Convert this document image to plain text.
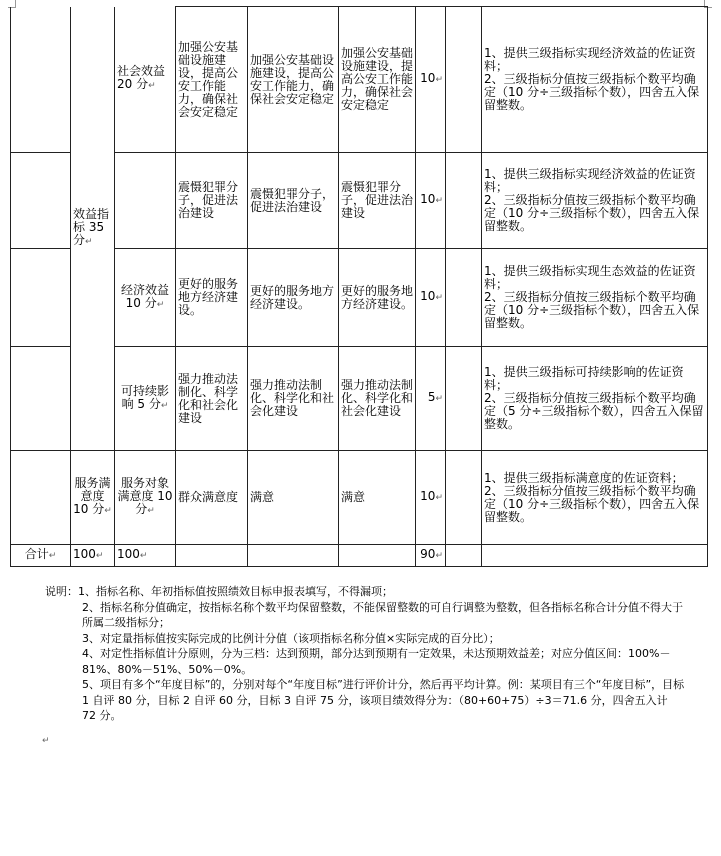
	效益指标 35 分↵	社会效益 20 分↵	加强公安基础设施建设，提高公安工作能力，确保社会安定稳定	加强公安基础设施建设，提高公安工作能力，确保社会安定稳定	加强公安基础设施建设，提高公安工作能力，确保社会安定稳定	10↵		1、提供三级指标实现经济效益的佐证资料；
2、三级指标分值按三级指标个数平均确定（10 分÷三级指标个数），四舍五入保留整数。
			震慑犯罪分子，促进法治建设	震慑犯罪分子，促进法治建设	震慑犯罪分子，促进法治建设	10↵		1、提供三级指标实现经济效益的佐证资料；
2、三级指标分值按三级指标个数平均确定（10 分÷三级指标个数），四舍五入保留整数。
		经济效益 10 分↵	更好的服务地方经济建设。	更好的服务地方经济建设。	更好的服务地方经济建设。	10↵		1、提供三级指标实现生态效益的佐证资料；
2、三级指标分值按三级指标个数平均确定（10 分÷三级指标个数），四舍五入保留整数。
		可持续影响 5 分↵	强力推动法制化、科学化和社会化建设	强力推动法制化、科学化和社会化建设	强力推动法制化、科学化和社会化建设	5↵		1、提供三级指标可持续影响的佐证资料；
2、三级指标分值按三级指标个数平均确定（5 分÷三级指标个数），四舍五入保留整数。
	服务满意度 10 分↵	服务对象满意度 10 分↵	群众满意度	满意	满意	10↵		1、提供三级指标满意度的佐证资料；
2、三级指标分值按三级指标个数平均确定（10 分÷三级指标个数），四舍五入保留整数。
合计↵	100↵	100↵				90↵		
说明：1、指标名称、年初指标值按照绩效目标申报表填写，不得漏项；
2、指标名称分值确定，按指标名称个数平均保留整数，不能保留整数的可自行调整为整数，但各指标名称合计分值不得大于所属二级指标分；
3、对定量指标值按实际完成的比例计分值（该项指标名称分值×实际完成的百分比）；
4、对定性指标值计分原则，分为三档：达到预期，部分达到预期有一定效果，未达预期效益差；对应分值区间：100%－81%、80%－51%、50%－0%。
5、项目有多个“年度目标”的，分别对每个“年度目标”进行评价计分，然后再平均计算。例：某项目有三个“年度目标”，目标 1 自评 80 分，目标 2 自评 60 分，目标 3 自评 75 分，该项目绩效得分为：（80+60+75）÷3＝71.6 分，四舍五入计 72 分。
↵
